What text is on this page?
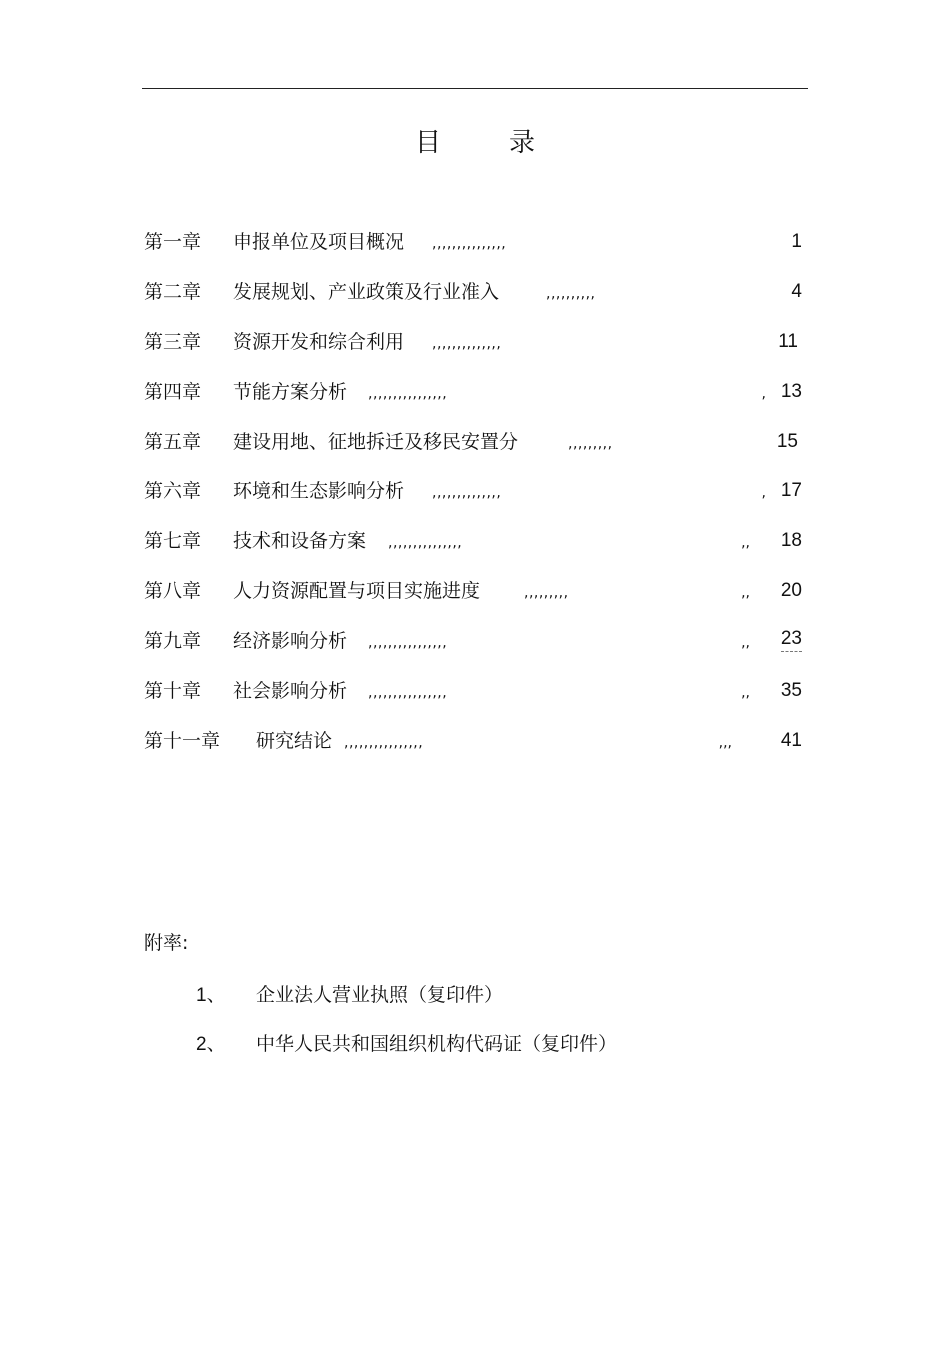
目	录
第一章 申报单位及项目概况 ,,,,,,,,,,,,,,,	1
第二章 发展规划、产业政策及行业准入	,,,,,,,,,,	4
第三章 资源开发和综合利用 ,,,,,,,,,,,,,,	11
第四章 节能方案分析 ,,,,,,,,,,,,,,,,	, 13
第五章 建设用地、征地拆迁及移民安置分	,,,,,,,,,	15
第六章 环境和生态影响分析 ,,,,,,,,,,,,,,	, 17
第七章 技术和设备方案 ,,,,,,,,,,,,,,,	,, 18
第八章 人力资源配置与项目实施进度	,,,,,,,,,	,, 20
第九章 经济影响分析 ,,,,,,,,,,,,,,,,	,, 23
第十章 社会影响分析 ,,,,,,,,,,,,,,,,	,, 35
第十一章 研究结论 ,,,,,,,,,,,,,,,,	,,,	41
附率:
1、 企业法人营业执照（复印件）
2、 中华人民共和国组织机构代码证（复印件）
